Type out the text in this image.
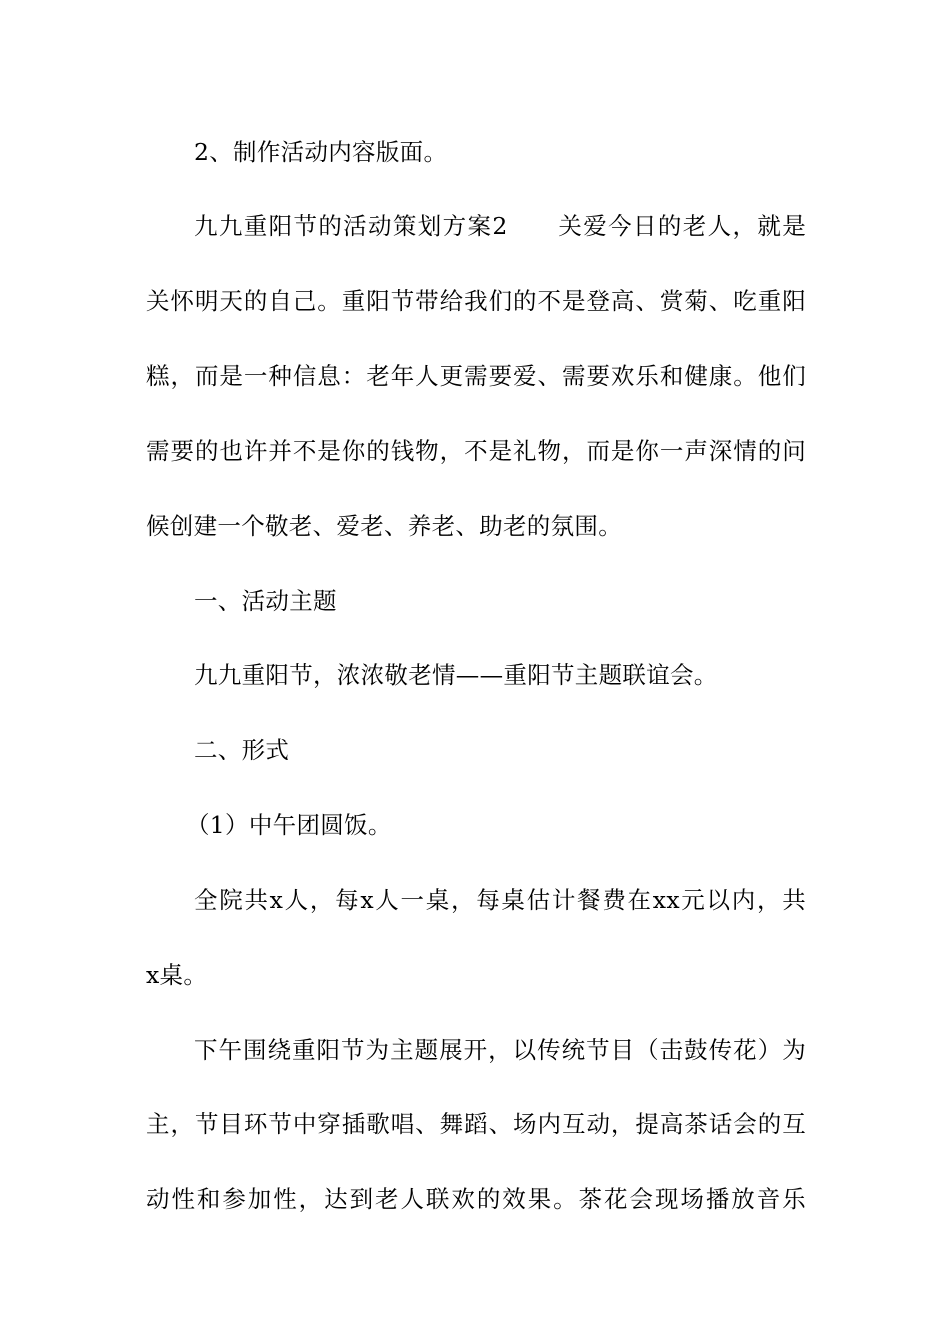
2、制作活动内容版面。
九九重阳节的活动策划方案2　　关爱今日的老人，就是
关怀明天的自己。重阳节带给我们的不是登高、赏菊、吃重阳
糕，而是一种信息：老年人更需要爱、需要欢乐和健康。他们
需要的也许并不是你的钱物，不是礼物，而是你一声深情的问
候创建一个敬老、爱老、养老、助老的氛围。
一、活动主题
九九重阳节，浓浓敬老情——重阳节主题联谊会。
二、形式
（1）中午团圆饭。
全院共x人，每x人一桌，每桌估计餐费在xx元以内，共
x桌。
下午围绕重阳节为主题展开，以传统节目（击鼓传花）为
主，节目环节中穿插歌唱、舞蹈、场内互动，提高茶话会的互
动性和参加性，达到老人联欢的效果。茶花会现场播放音乐
